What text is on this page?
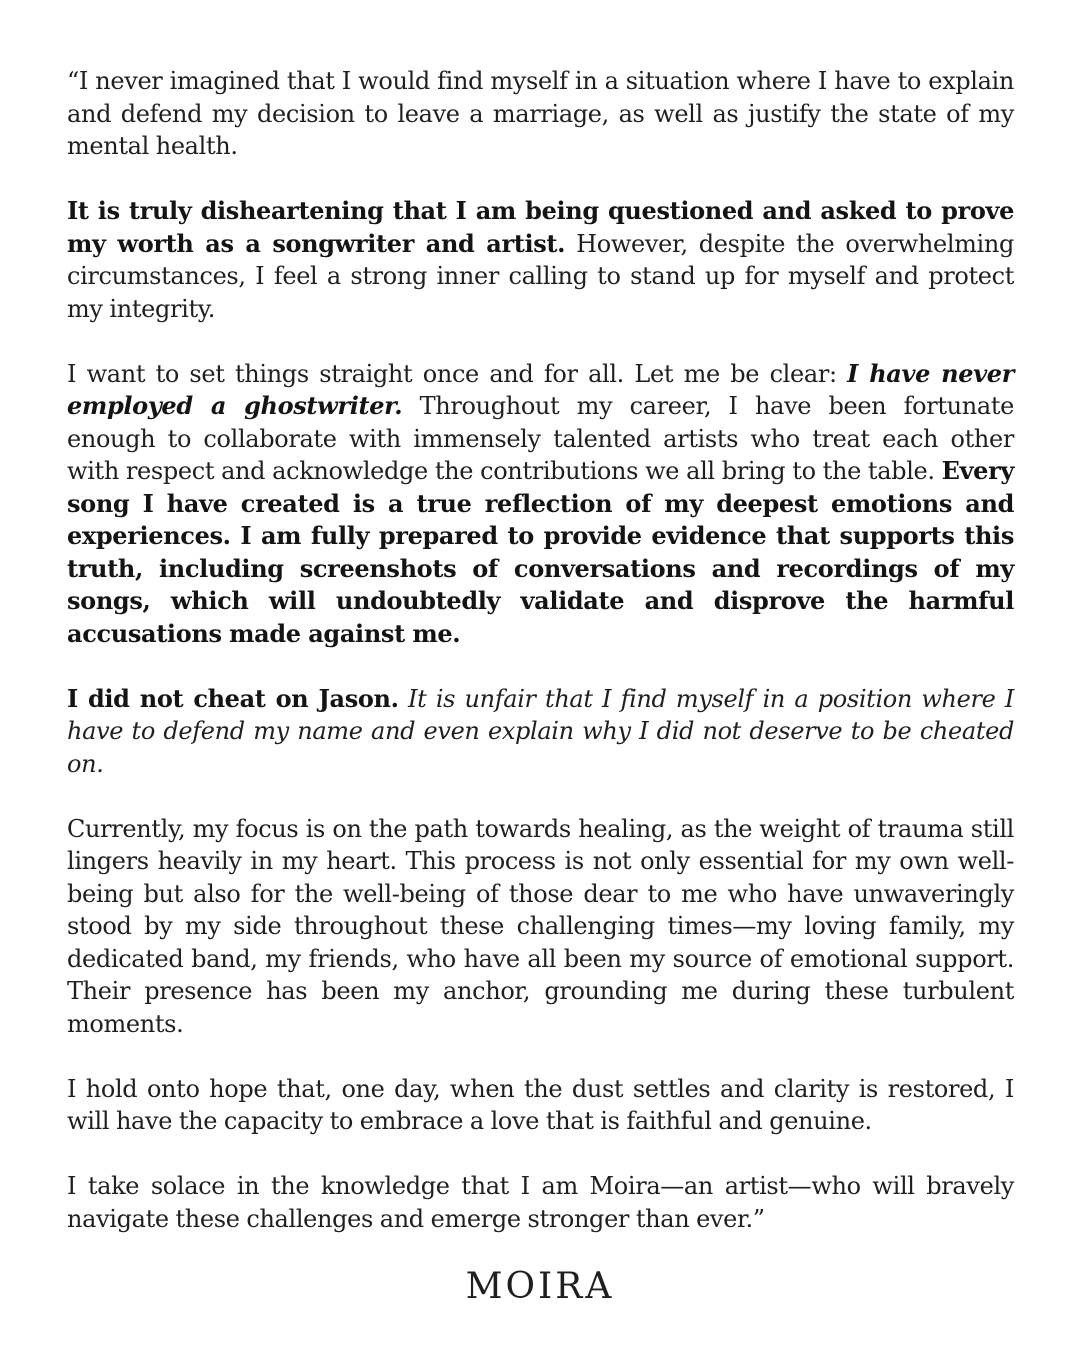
“I never imagined that I would find myself in a situation where I have to explain and defend my decision to leave a marriage, as well as justify the state of my mental health.

It is truly disheartening that I am being questioned and asked to prove my worth as a songwriter and artist. However, despite the overwhelming circumstances, I feel a strong inner calling to stand up for myself and protect my integrity.

I want to set things straight once and for all. Let me be clear: I have never employed a ghostwriter. Throughout my career, I have been fortunate enough to collaborate with immensely talented artists who treat each other with respect and acknowledge the contributions we all bring to the table. Every song I have created is a true reflection of my deepest emotions and experiences. I am fully prepared to provide evidence that supports this truth, including screenshots of conversations and recordings of my songs, which will undoubtedly validate and disprove the harmful accusations made against me.

I did not cheat on Jason. It is unfair that I find myself in a position where I have to defend my name and even explain why I did not deserve to be cheated on.

Currently, my focus is on the path towards healing, as the weight of trauma still lingers heavily in my heart. This process is not only essential for my own well-being but also for the well-being of those dear to me who have unwaveringly stood by my side throughout these challenging times—my loving family, my dedicated band, my friends, who have all been my source of emotional support. Their presence has been my anchor, grounding me during these turbulent moments.

I hold onto hope that, one day, when the dust settles and clarity is restored, I will have the capacity to embrace a love that is faithful and genuine.

I take solace in the knowledge that I am Moira—an artist—who will bravely navigate these challenges and emerge stronger than ever.”

MOIRA
